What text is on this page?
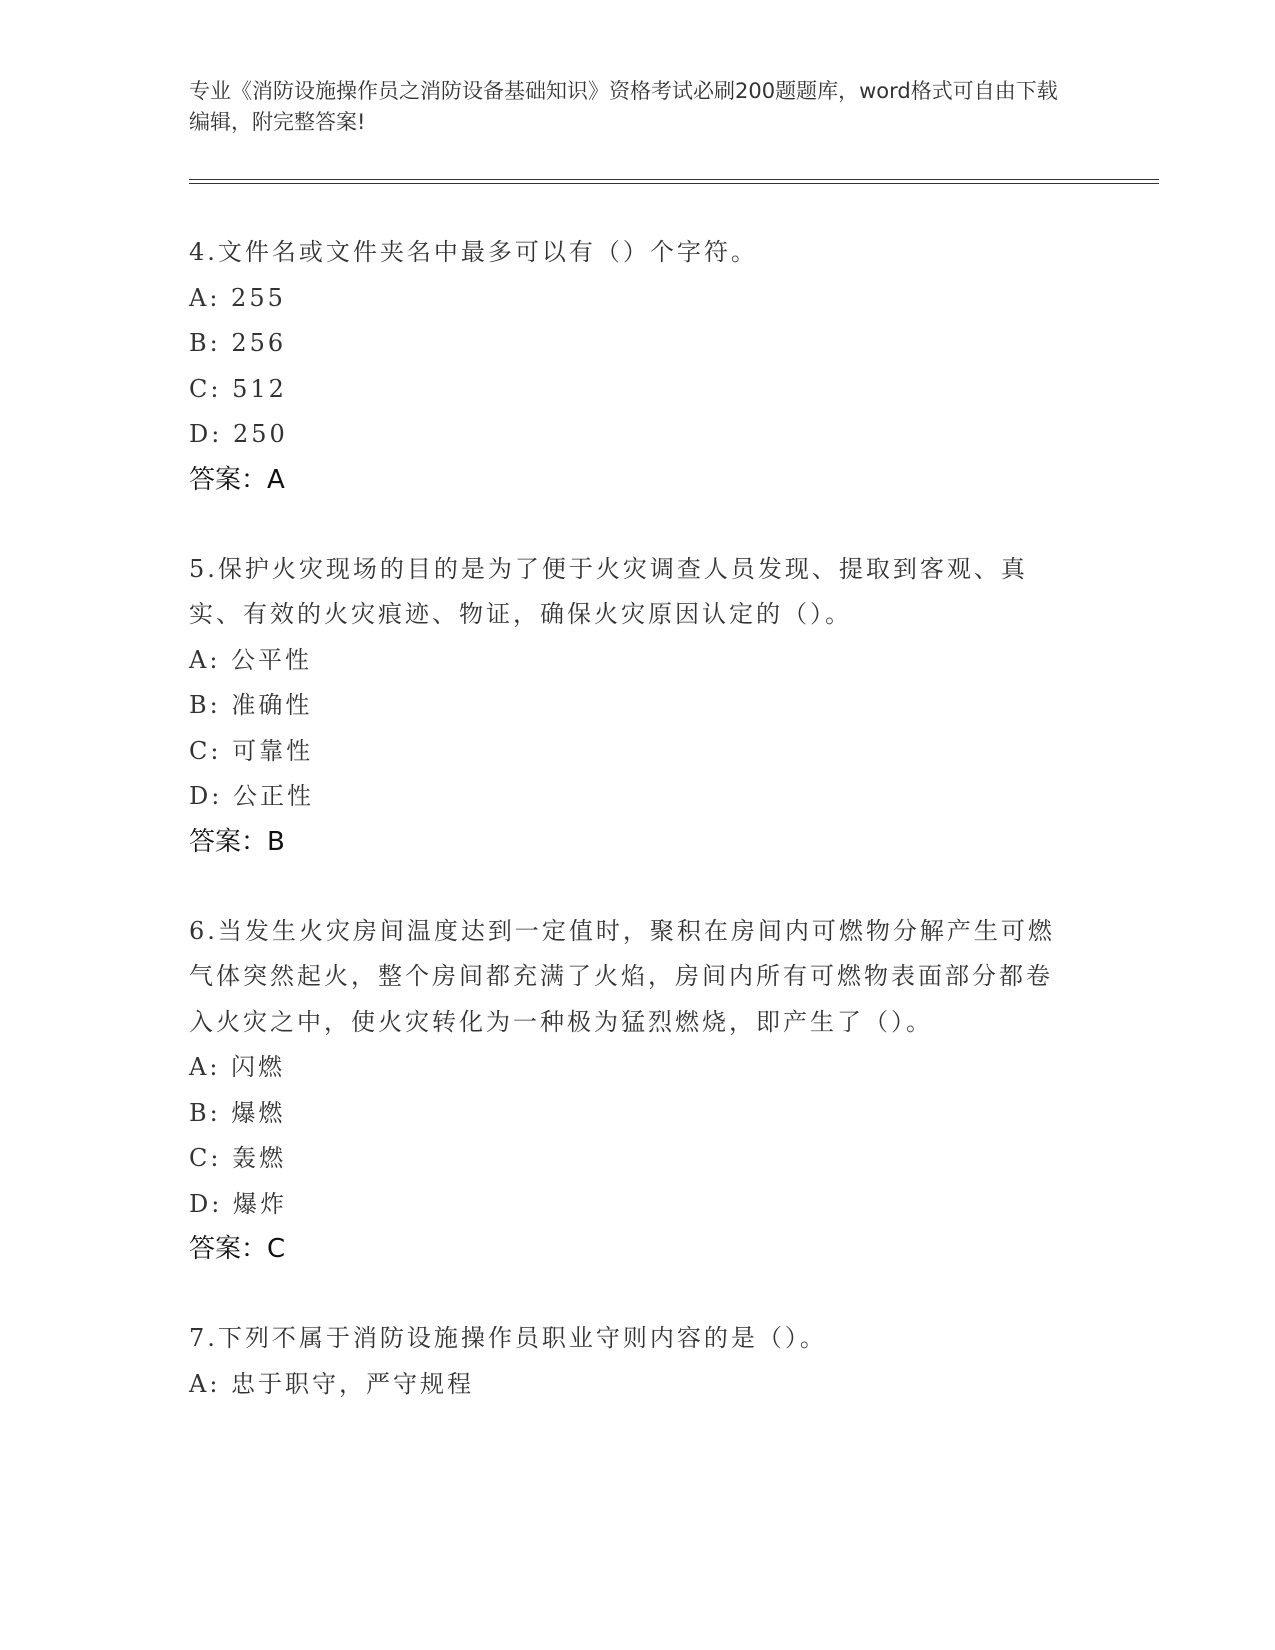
专业《消防设施操作员之消防设备基础知识》资格考试必刷200题题库，word格式可自由下载编辑，附完整答案!
4.文件名或文件夹名中最多可以有（）个字符。
A: 255
B: 256
C: 512
D: 250
答案：A
5.保护火灾现场的目的是为了便于火灾调查人员发现、提取到客观、真实、有效的火灾痕迹、物证，确保火灾原因认定的（）。
A: 公平性
B: 准确性
C: 可靠性
D: 公正性
答案：B
6.当发生火灾房间温度达到一定值时，聚积在房间内可燃物分解产生可燃气体突然起火，整个房间都充满了火焰，房间内所有可燃物表面部分都卷入火灾之中，使火灾转化为一种极为猛烈燃烧，即产生了（）。
A: 闪燃
B: 爆燃
C: 轰燃
D: 爆炸
答案：C
7.下列不属于消防设施操作员职业守则内容的是（）。
A: 忠于职守，严守规程
